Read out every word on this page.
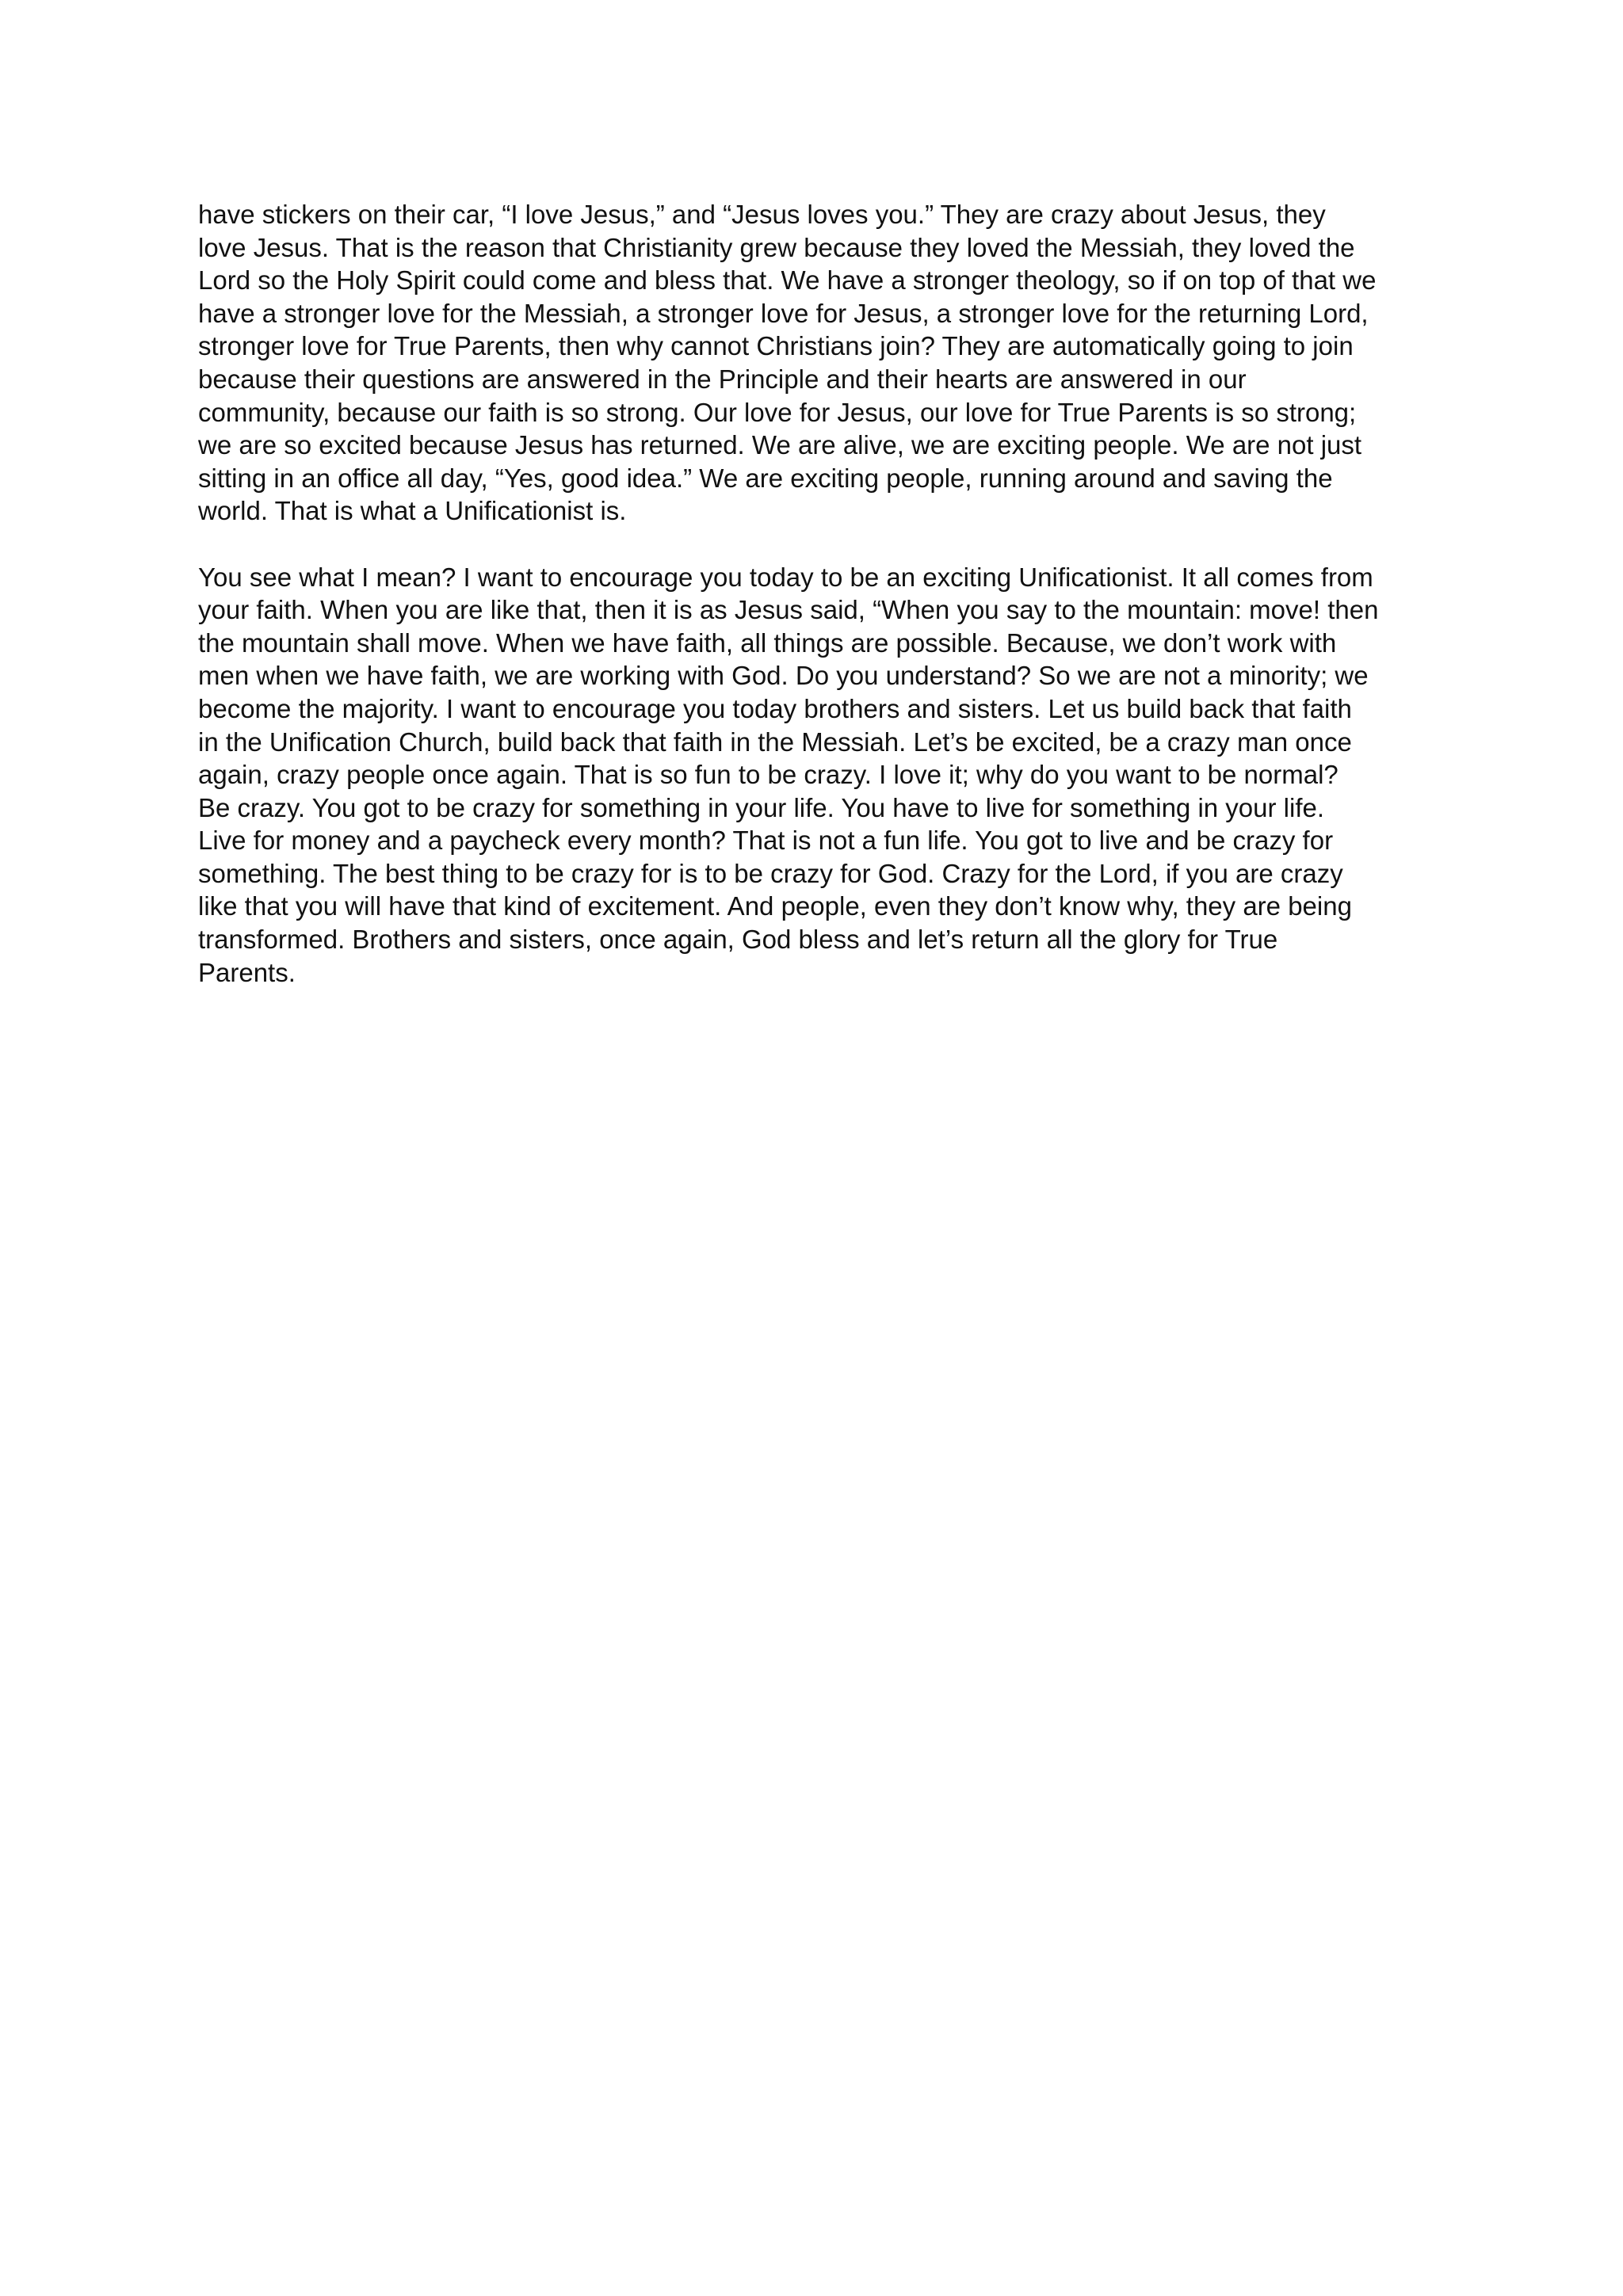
have stickers on their car, “I love Jesus,” and “Jesus loves you.” They are crazy about Jesus, they
love Jesus. That is the reason that Christianity grew because they loved the Messiah, they loved the
Lord so the Holy Spirit could come and bless that. We have a stronger theology, so if on top of that we
have a stronger love for the Messiah, a stronger love for Jesus, a stronger love for the returning Lord,
stronger love for True Parents, then why cannot Christians join? They are automatically going to join
because their questions are answered in the Principle and their hearts are answered in our
community, because our faith is so strong. Our love for Jesus, our love for True Parents is so strong;
we are so excited because Jesus has returned. We are alive, we are exciting people. We are not just
sitting in an office all day, “Yes, good idea.” We are exciting people, running around and saving the
world. That is what a Unificationist is.
You see what I mean? I want to encourage you today to be an exciting Unificationist. It all comes from
your faith. When you are like that, then it is as Jesus said, “When you say to the mountain: move! then
the mountain shall move. When we have faith, all things are possible. Because, we don’t work with
men when we have faith, we are working with God. Do you understand? So we are not a minority; we
become the majority. I want to encourage you today brothers and sisters. Let us build back that faith
in the Unification Church, build back that faith in the Messiah. Let’s be excited, be a crazy man once
again, crazy people once again. That is so fun to be crazy. I love it; why do you want to be normal?
Be crazy. You got to be crazy for something in your life. You have to live for something in your life.
Live for money and a paycheck every month? That is not a fun life. You got to live and be crazy for
something. The best thing to be crazy for is to be crazy for God. Crazy for the Lord, if you are crazy
like that you will have that kind of excitement. And people, even they don’t know why, they are being
transformed. Brothers and sisters, once again, God bless and let’s return all the glory for True
Parents.
